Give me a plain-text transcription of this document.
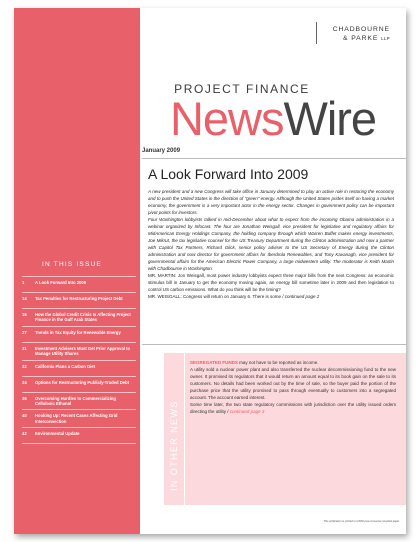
IN THIS ISSUE
1	A Look Forward Into 2009
14	Tax Penalties for Restructuring Project Debt
16	How the Global Credit Crisis Is Affecting Project Finance in the Gulf Arab States
27	Trends in Tax Equity for Renewable Energy
31	Investment Advisers Must Get Prior Approval to Manage Utility Shares
32	California Plans a Carbon Diet
34	Options for Restructuring Publicly-Traded Debt
36	Overcoming Hurdles to Commercializing Cellulosic Ethanol
40	Hooking Up: Recent Cases Affecting Grid Interconnection
42	Environmental Update
CHADBOURNE
& PARKE LLP
PROJECT FINANCE
NewsWire
January 2009
A Look Forward Into 2009

A new president and a new Congress will take office in January determined to play an active role in restoring the economy and to push the United States in the direction of "green" energy. Although the United States prides itself on having a market economy, the government is a very important actor in the energy sector. Changes in government policy can be important pivot points for investors.

Four Washington lobbyists talked in mid-December about what to expect from the incoming Obama administration in a webinar organized by Infocast. The four are Jonathan Weisgall, vice president for legislative and regulatory affairs for MidAmerican Energy Holdings Company, the holding company through which Warren Buffet makes energy investments, Joe Mikrut, the tax legislative counsel for the US Treasury Department during the Clinton administration and now a partner with Capitol Tax Partners, Richard Glick, senior policy adviser to the US Secretary of Energy during the Clinton administration and now director for government affairs for Iberdrola Renewables, and Tony Kavanagh, vice president for governmental affairs for the American Electric Power Company, a large midwestern utility. The moderator is Keith Martin with Chadbourne in Washington.

MR. MARTIN: Jon Weisgall, most power industry lobbyists expect three major bills from the next Congress: an economic stimulus bill in January to get the economy moving again, an energy bill sometime later in 2009 and then legislation to control US carbon emissions. What do you think will be the timing?

MR. WEISGALL: Congress will return on January 6. There is some / continued page 2

IN OTHER NEWS

SEGREGATED FUNDS may not have to be reported as income.

A utility sold a nuclear power plant and also transferred the nuclear decommissioning fund to the new owner. It promised its regulators that it would return an amount equal to its book gain on the sale to its customers. No details had been worked out by the time of sale, so the buyer paid the portion of the purchase price that the utility promised to pass through eventually to customers into a segregated account. The account earned interest.

Some time later, the two state regulatory commissions with jurisdiction over the utility issued orders directing the utility / continued page 3

This publication is printed on 100% post-consumer recycled paper.
